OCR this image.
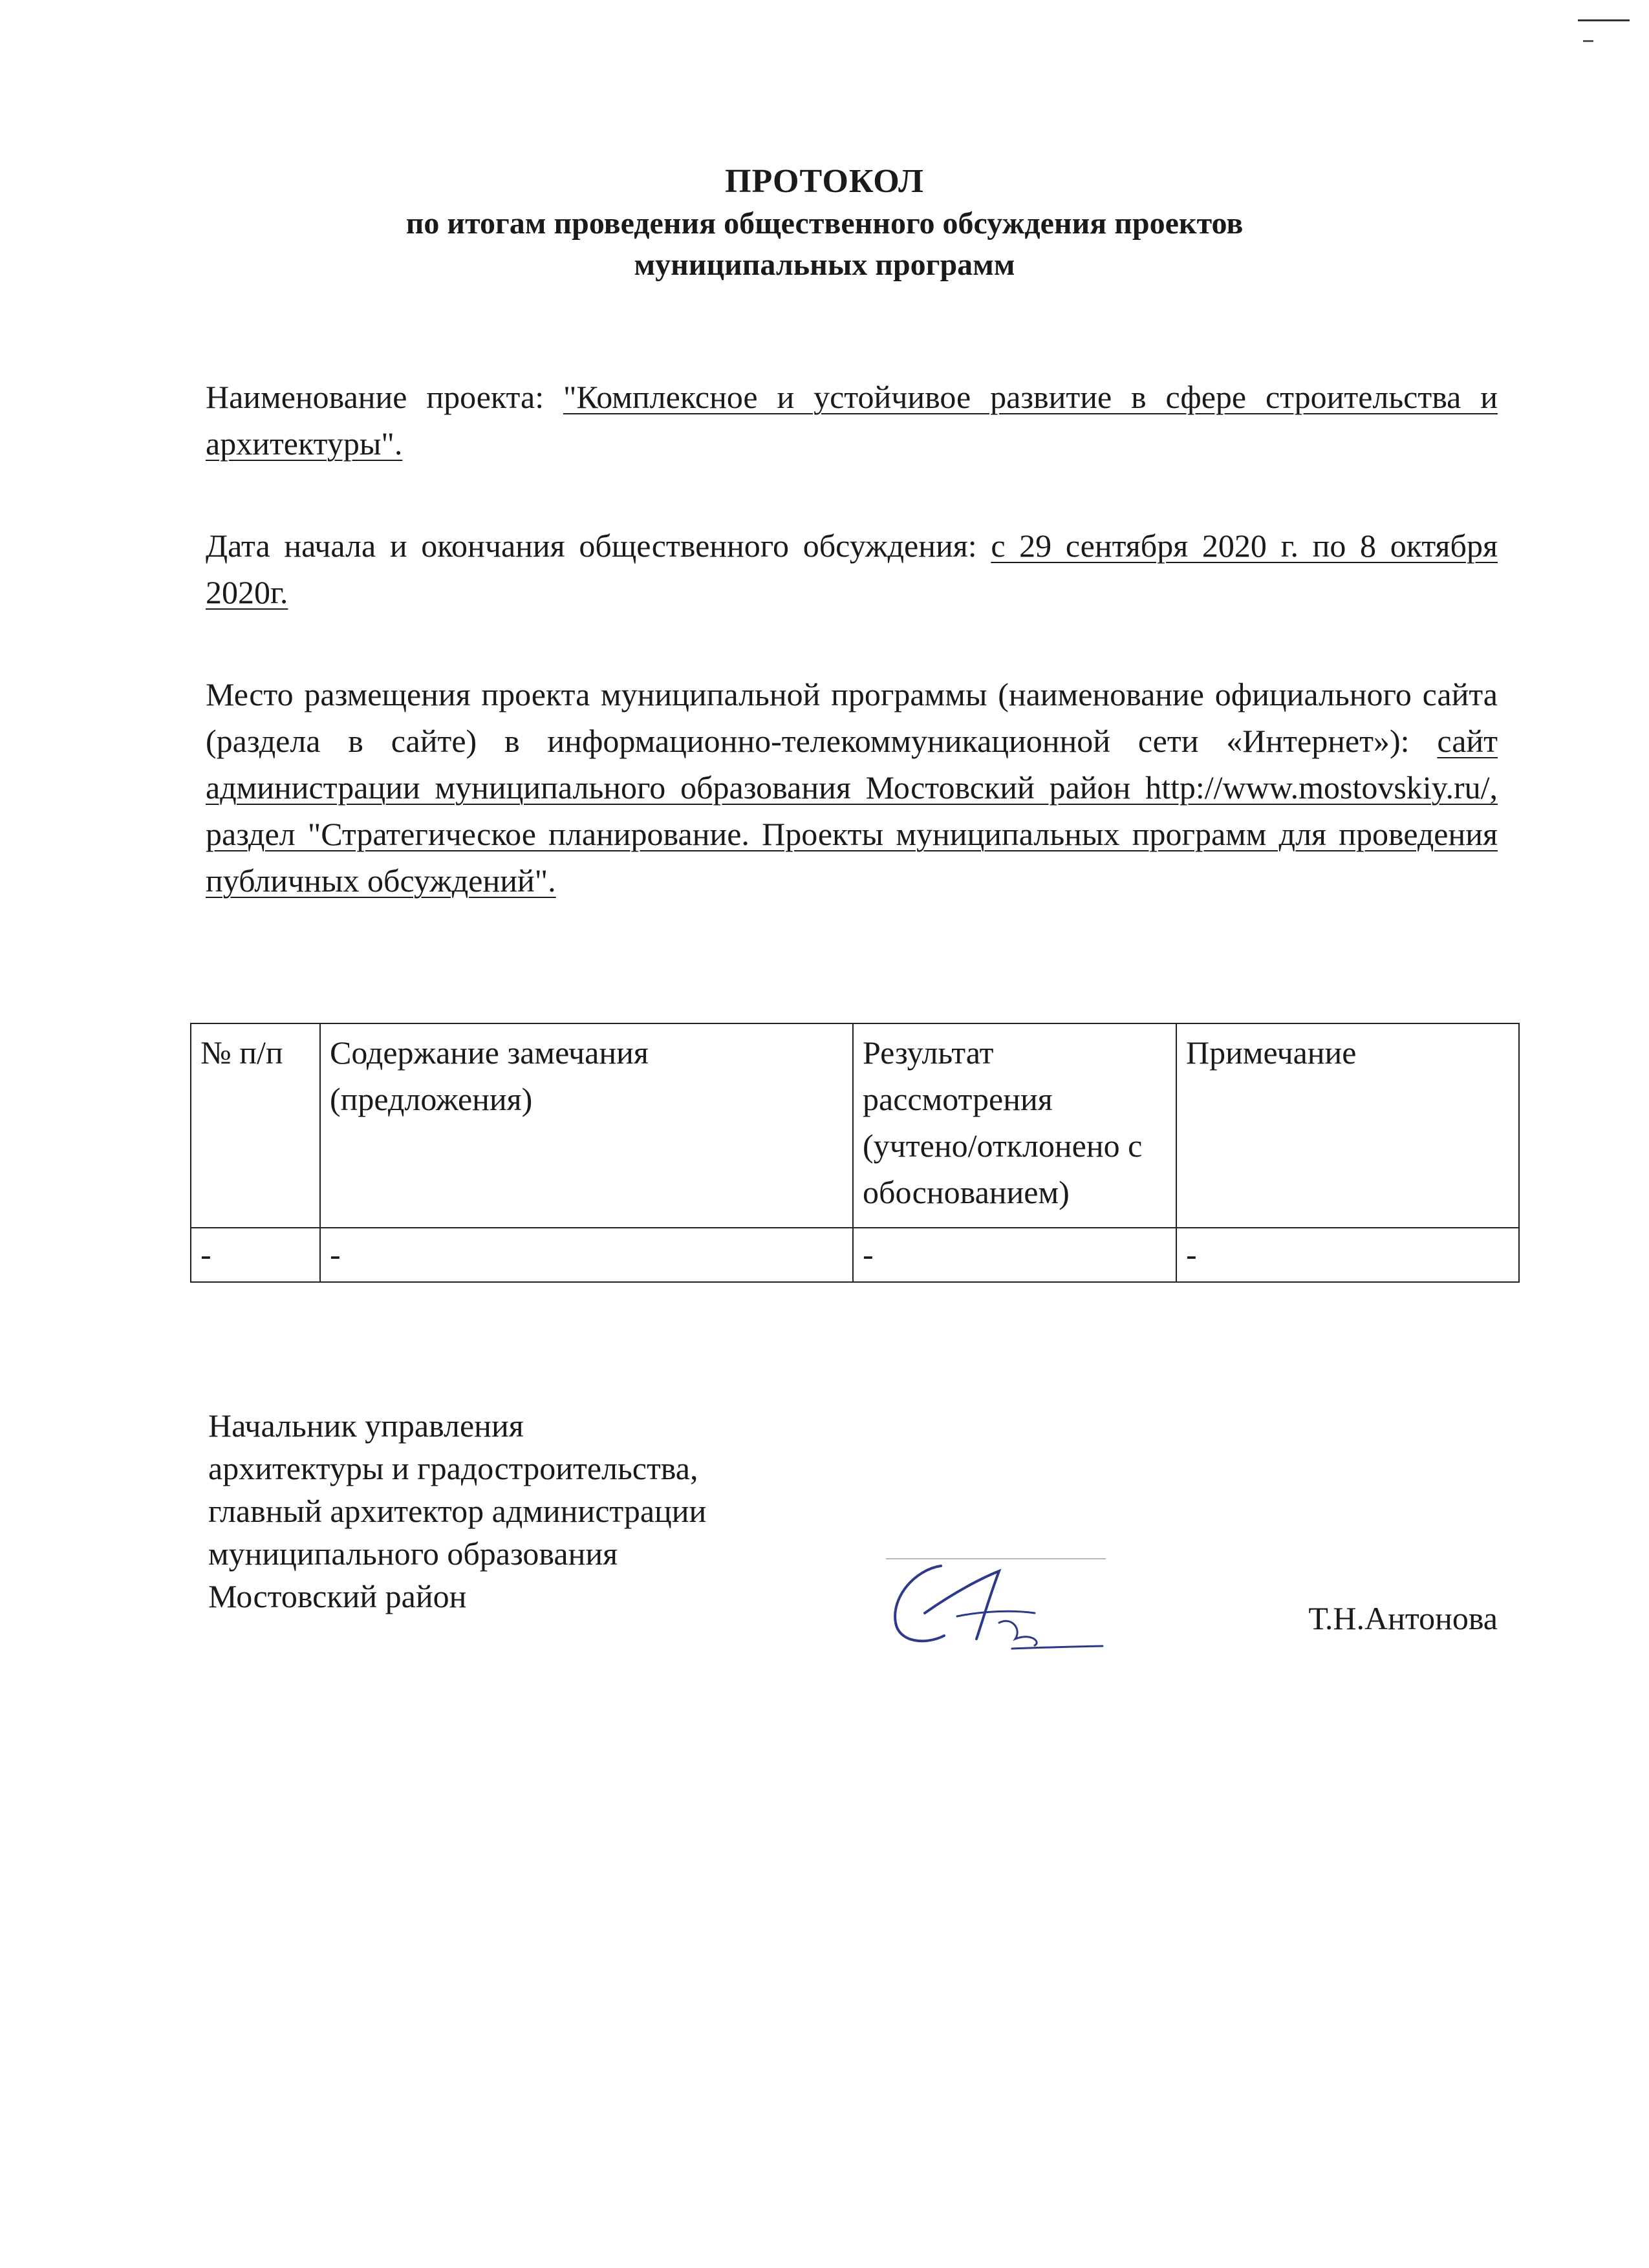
ПРОТОКОЛ
по итогам проведения общественного обсуждения проектов
муниципальных программ
Наименование проекта: "Комплексное и устойчивое развитие в сфере строительства и архитектуры".
Дата начала и окончания общественного обсуждения: с 29 сентября 2020 г. по 8 октября 2020г.
Место размещения проекта муниципальной программы (наименование официального сайта (раздела в сайте) в информационно-телекоммуникационной сети «Интернет»): сайт администрации муниципального образования Мостовский район http://www.mostovskiy.ru/, раздел "Стратегическое планирование. Проекты муниципальных программ для проведения публичных обсуждений".
№ п/п	Содержание замечания (предложения)	Результат рассмотрения (учтено/отклонено с обоснованием)	Примечание
-	-	-	-
Начальник управления
архитектуры и градостроительства,
главный архитектор администрации
муниципального образования
Мостовский район
Т.Н.Антонова
